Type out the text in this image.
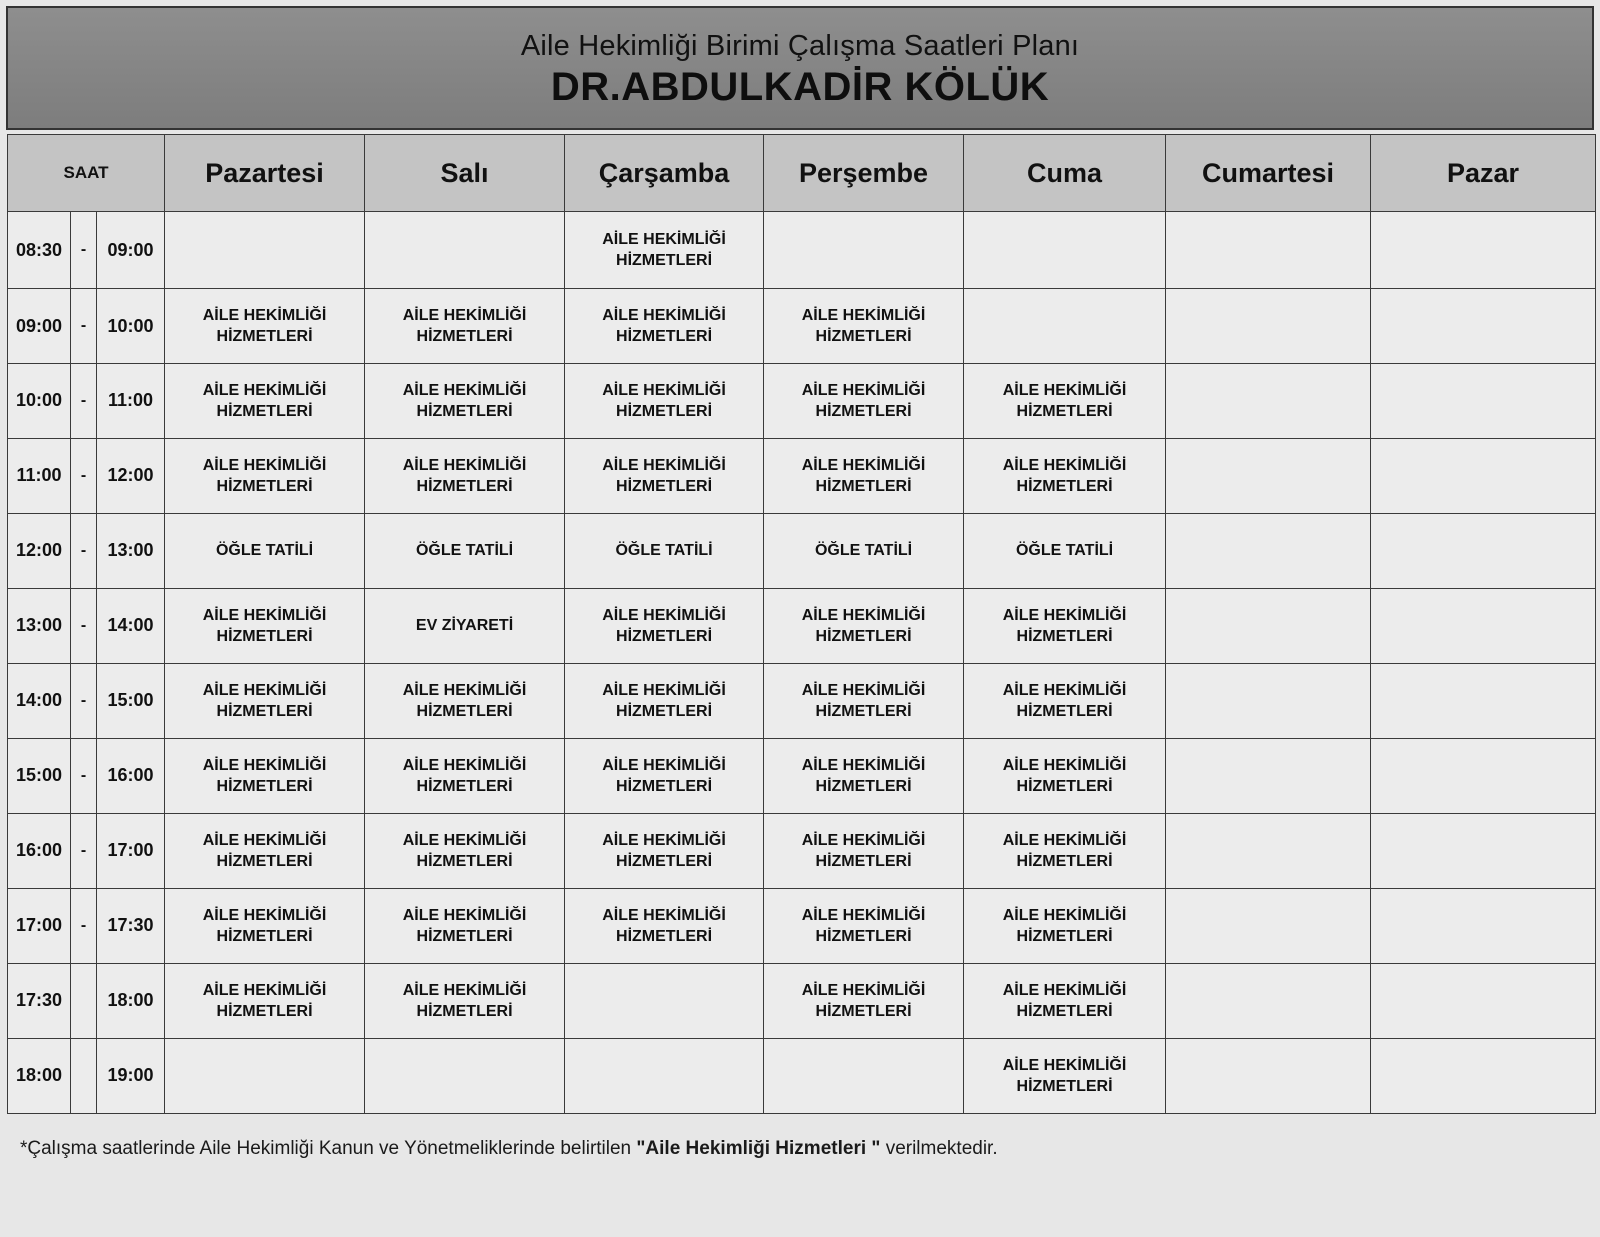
Aile Hekimliği Birimi Çalışma Saatleri Planı
DR.ABDULKADİR KÖLÜK
SAAT			Pazartesi	Salı	Çarşamba	Perşembe	Cuma	Cumartesi	Pazar
08:30	-	09:00			AİLE HEKİMLİĞİ
HİZMETLERİ				

09:00	-	10:00	AİLE HEKİMLİĞİ
HİZMETLERİ	AİLE HEKİMLİĞİ
HİZMETLERİ	AİLE HEKİMLİĞİ
HİZMETLERİ	AİLE HEKİMLİĞİ
HİZMETLERİ			

10:00	-	11:00	AİLE HEKİMLİĞİ
HİZMETLERİ	AİLE HEKİMLİĞİ
HİZMETLERİ	AİLE HEKİMLİĞİ
HİZMETLERİ	AİLE HEKİMLİĞİ
HİZMETLERİ	AİLE HEKİMLİĞİ
HİZMETLERİ		

11:00	-	12:00	AİLE HEKİMLİĞİ
HİZMETLERİ	AİLE HEKİMLİĞİ
HİZMETLERİ	AİLE HEKİMLİĞİ
HİZMETLERİ	AİLE HEKİMLİĞİ
HİZMETLERİ	AİLE HEKİMLİĞİ
HİZMETLERİ		

12:00	-	13:00	ÖĞLE TATİLİ	ÖĞLE TATİLİ	ÖĞLE TATİLİ	ÖĞLE TATİLİ	ÖĞLE TATİLİ		
13:00	-	14:00	AİLE HEKİMLİĞİ
HİZMETLERİ	EV ZİYARETİ	AİLE HEKİMLİĞİ
HİZMETLERİ	AİLE HEKİMLİĞİ
HİZMETLERİ	AİLE HEKİMLİĞİ
HİZMETLERİ		

14:00	-	15:00	AİLE HEKİMLİĞİ
HİZMETLERİ	AİLE HEKİMLİĞİ
HİZMETLERİ	AİLE HEKİMLİĞİ
HİZMETLERİ	AİLE HEKİMLİĞİ
HİZMETLERİ	AİLE HEKİMLİĞİ
HİZMETLERİ		

15:00	-	16:00	AİLE HEKİMLİĞİ
HİZMETLERİ	AİLE HEKİMLİĞİ
HİZMETLERİ	AİLE HEKİMLİĞİ
HİZMETLERİ	AİLE HEKİMLİĞİ
HİZMETLERİ	AİLE HEKİMLİĞİ
HİZMETLERİ		

16:00	-	17:00	AİLE HEKİMLİĞİ
HİZMETLERİ	AİLE HEKİMLİĞİ
HİZMETLERİ	AİLE HEKİMLİĞİ
HİZMETLERİ	AİLE HEKİMLİĞİ
HİZMETLERİ	AİLE HEKİMLİĞİ
HİZMETLERİ		

17:00	-	17:30	AİLE HEKİMLİĞİ
HİZMETLERİ	AİLE HEKİMLİĞİ
HİZMETLERİ	AİLE HEKİMLİĞİ
HİZMETLERİ	AİLE HEKİMLİĞİ
HİZMETLERİ	AİLE HEKİMLİĞİ
HİZMETLERİ		

17:30		18:00	AİLE HEKİMLİĞİ
HİZMETLERİ	AİLE HEKİMLİĞİ
HİZMETLERİ		AİLE HEKİMLİĞİ
HİZMETLERİ	AİLE HEKİMLİĞİ
HİZMETLERİ		

18:00		19:00					AİLE HEKİMLİĞİ
HİZMETLERİ		

*Çalışma saatlerinde Aile Hekimliği Kanun ve Yönetmeliklerinde belirtilen "Aile Hekimliği Hizmetleri " verilmektedir.
